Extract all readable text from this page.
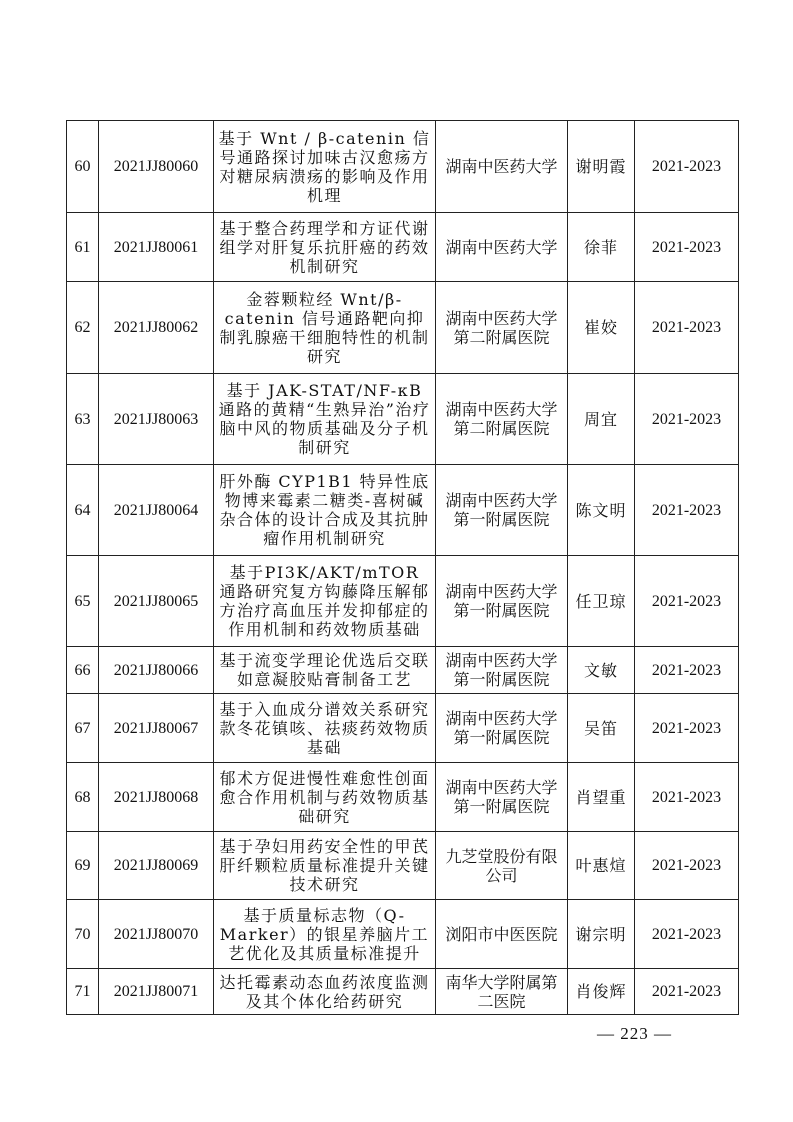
60	2021JJ80060	基于 Wnt / β-catenin 信号通路探讨加味古汉愈疡方对糖尿病溃疡的影响及作用机理	湖南中医药大学	谢明霞	2021-2023
61	2021JJ80061	基于整合药理学和方证代谢组学对肝复乐抗肝癌的药效机制研究	湖南中医药大学	徐菲	2021-2023
62	2021JJ80062	金蓉颗粒经 Wnt/β-catenin 信号通路靶向抑制乳腺癌干细胞特性的机制研究	湖南中医药大学第二附属医院	崔姣	2021-2023
63	2021JJ80063	基于 JAK-STAT/NF-κB 通路的黄精“生熟异治”治疗脑中风的物质基础及分子机制研究	湖南中医药大学第二附属医院	周宜	2021-2023
64	2021JJ80064	肝外酶 CYP1B1 特异性底物博来霉素二糖类-喜树碱杂合体的设计合成及其抗肿瘤作用机制研究	湖南中医药大学第一附属医院	陈文明	2021-2023
65	2021JJ80065	基于PI3K/AKT/mTOR 通路研究复方钩藤降压解郁方治疗高血压并发抑郁症的作用机制和药效物质基础	湖南中医药大学第一附属医院	任卫琼	2021-2023
66	2021JJ80066	基于流变学理论优选后交联如意凝胶贴膏制备工艺	湖南中医药大学第一附属医院	文敏	2021-2023
67	2021JJ80067	基于入血成分谱效关系研究款冬花镇咳、祛痰药效物质基础	湖南中医药大学第一附属医院	吴笛	2021-2023
68	2021JJ80068	郁术方促进慢性难愈性创面愈合作用机制与药效物质基础研究	湖南中医药大学第一附属医院	肖望重	2021-2023
69	2021JJ80069	基于孕妇用药安全性的甲芪肝纤颗粒质量标准提升关键技术研究	九芝堂股份有限公司	叶惠煊	2021-2023
70	2021JJ80070	基于质量标志物（Q-Marker）的银星养脑片工艺优化及其质量标准提升	浏阳市中医医院	谢宗明	2021-2023
71	2021JJ80071	达托霉素动态血药浓度监测及其个体化给药研究	南华大学附属第二医院	肖俊辉	2021-2023
— 223 —
